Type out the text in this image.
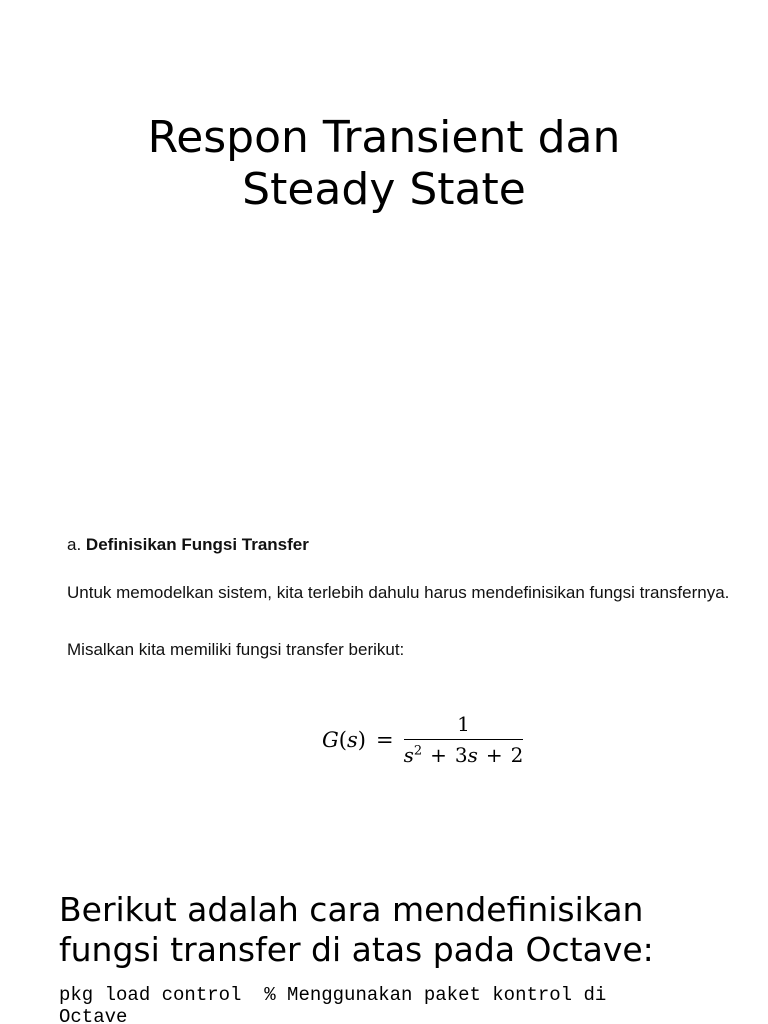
Respon Transient dan
Steady State

a. Definisikan Fungsi Transfer

Untuk memodelkan sistem, kita terlebih dahulu harus mendefinisikan fungsi transfernya.

Misalkan kita memiliki fungsi transfer berikut:

$G(s) = \frac{1}{s^2 + 3s + 2}$

Berikut adalah cara mendefinisikan
fungsi transfer di atas pada Octave:

pkg load control  % Menggunakan paket kontrol di
Octave
